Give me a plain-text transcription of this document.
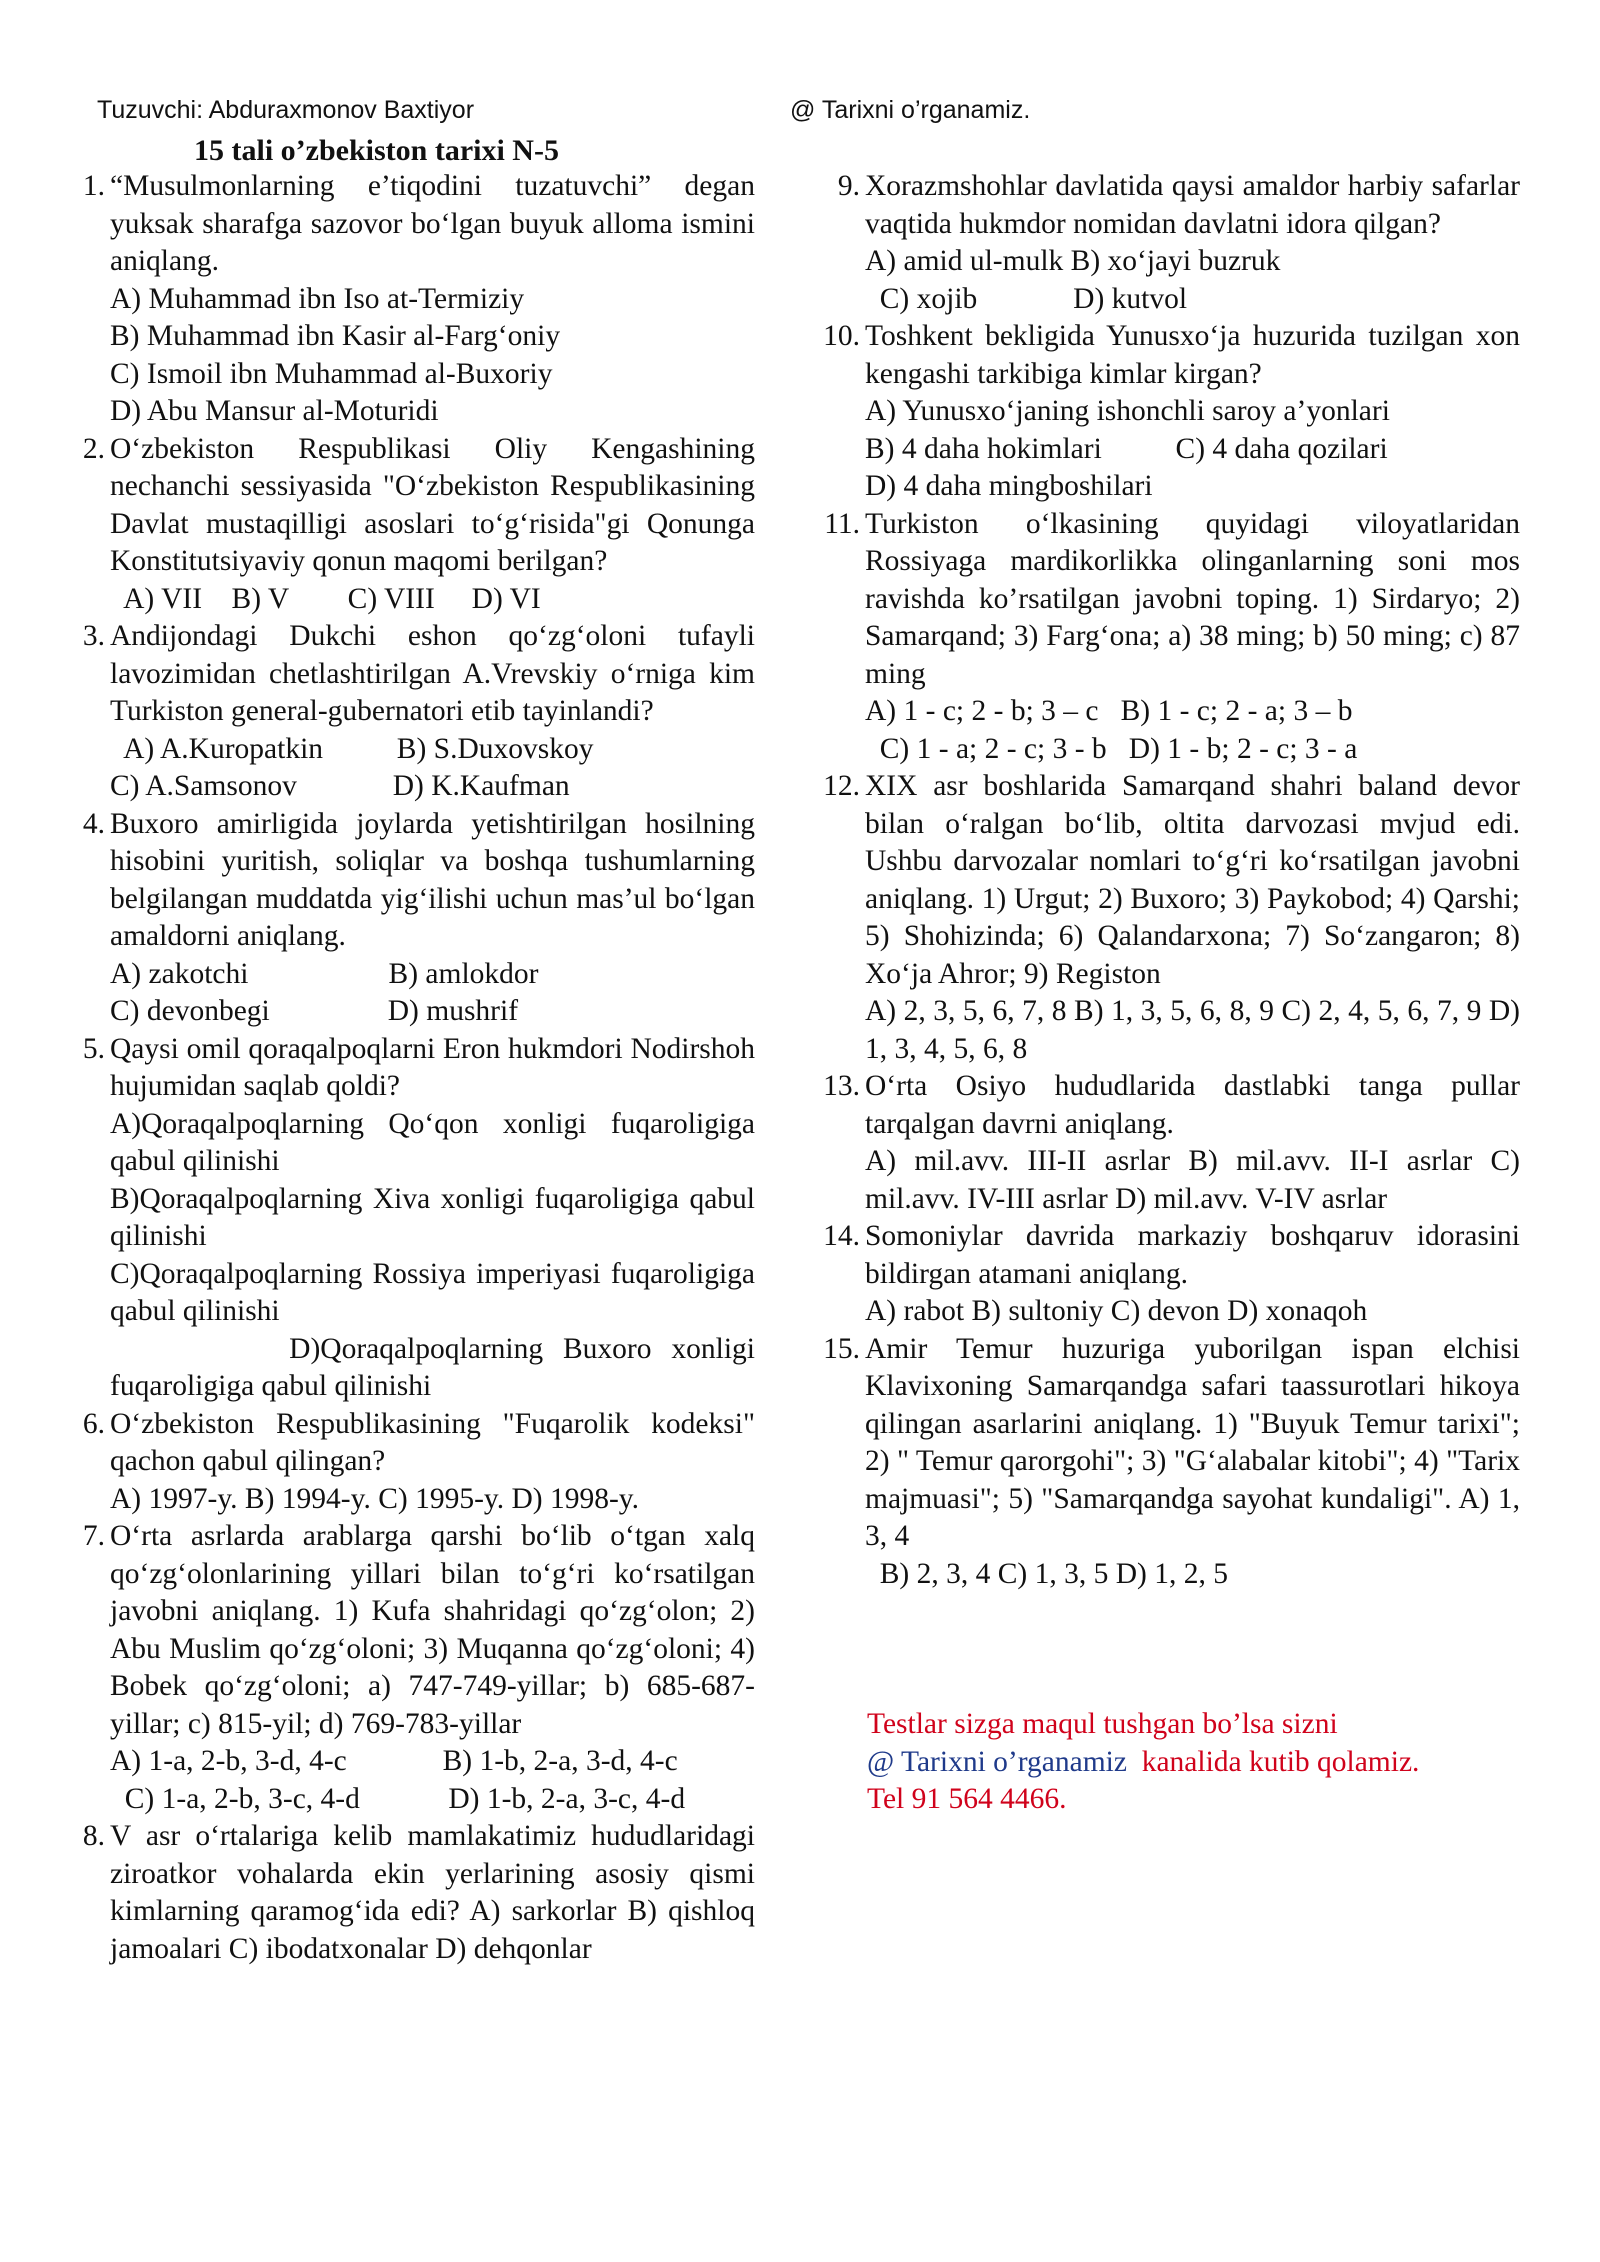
Tuzuvchi: Abduraxmonov Baxtiyor	@ Tarixni o’rganamiz.
15 tali o’zbekiston tarixi N-5
1. “Musulmonlarning e’tiqodini tuzatuvchi” degan yuksak sharafga sazovor bo‘lgan buyuk alloma ismini aniqlang.
A) Muhammad ibn Iso at-Termiziy
B) Muhammad ibn Kasir al-Farg‘oniy
C) Ismoil ibn Muhammad al-Buxoriy
D) Abu Mansur al-Moturidi
2. O‘zbekiston Respublikasi Oliy Kengashining nechanchi sessiyasida "O‘zbekiston Respublikasining Davlat mustaqilligi asoslari to‘g‘risida"gi Qonunga Konstitutsiyaviy qonun maqomi berilgan?
A) VII    B) V        C) VIII     D) VI
3. Andijondagi Dukchi eshon qo‘zg‘oloni tufayli lavozimidan chetlashtirilgan A.Vrevskiy o‘rniga kim Turkiston general-gubernatori etib tayinlandi?
A) A.Kuropatkin          B) S.Duxovskoy
C) A.Samsonov             D) K.Kaufman
4. Buxoro amirligida joylarda yetishtirilgan hosilning hisobini yuritish, soliqlar va boshqa tushumlarning belgilangan muddatda yig‘ilishi uchun mas’ul bo‘lgan amaldorni aniqlang.
A) zakotchi                   B) amlokdor
C) devonbegi                D) mushrif
5. Qaysi omil qoraqalpoqlarni Eron hukmdori Nodirshoh hujumidan saqlab qoldi?
A)Qoraqalpoqlarning Qo‘qon xonligi fuqaroligiga qabul qilinishi
B)Qoraqalpoqlarning Xiva xonligi fuqaroligiga qabul qilinishi
C)Qoraqalpoqlarning Rossiya imperiyasi fuqaroligiga qabul qilinishi
D)Qoraqalpoqlarning Buxoro xonligi fuqaroligiga qabul qilinishi
6. O‘zbekiston Respublikasining "Fuqarolik kodeksi" qachon qabul qilingan?
A) 1997-y. B) 1994-y. C) 1995-y. D) 1998-y.
7. O‘rta asrlarda arablarga qarshi bo‘lib o‘tgan xalq qo‘zg‘olonlarining yillari bilan to‘g‘ri ko‘rsatilgan javobni aniqlang. 1) Kufa shahridagi qo‘zg‘olon; 2) Abu Muslim qo‘zg‘oloni; 3) Muqanna qo‘zg‘oloni; 4) Bobek qo‘zg‘oloni; a) 747-749-yillar; b) 685-687-yillar; c) 815-yil; d) 769-783-yillar
A) 1-a, 2-b, 3-d, 4-c             B) 1-b, 2-a, 3-d, 4-c
C) 1-a, 2-b, 3-c, 4-d            D) 1-b, 2-a, 3-c, 4-d
8. V asr o‘rtalariga kelib mamlakatimiz hududlaridagi ziroatkor vohalarda ekin yerlarining asosiy qismi kimlarning qaramog‘ida edi? A) sarkorlar B) qishloq jamoalari C) ibodatxonalar D) dehqonlar
9. Xorazmshohlar davlatida qaysi amaldor harbiy safarlar vaqtida hukmdor nomidan davlatni idora qilgan?
A) amid ul-mulk B) xo‘jayi buzruk
C) xojib             D) kutvol
10. Toshkent bekligida Yunusxo‘ja huzurida tuzilgan xon kengashi tarkibiga kimlar kirgan?
A) Yunusxo‘janing ishonchli saroy a’yonlari
B) 4 daha hokimlari          C) 4 daha qozilari
D) 4 daha mingboshilari
11. Turkiston o‘lkasining quyidagi viloyatlaridan Rossiyaga mardikorlikka olinganlarning soni mos ravishda ko’rsatilgan javobni toping. 1) Sirdaryo; 2) Samarqand; 3) Farg‘ona; a) 38 ming; b) 50 ming; c) 87 ming
A) 1 - c; 2 - b; 3 – c   B) 1 - c; 2 - a; 3 – b
C) 1 - a; 2 - c; 3 - b   D) 1 - b; 2 - c; 3 - a
12. XIX asr boshlarida Samarqand shahri baland devor bilan o‘ralgan bo‘lib, oltita darvozasi mvjud edi. Ushbu darvozalar nomlari to‘g‘ri ko‘rsatilgan javobni aniqlang. 1) Urgut; 2) Buxoro; 3) Paykobod; 4) Qarshi; 5) Shohizinda; 6) Qalandarxona; 7) So‘zangaron; 8) Xo‘ja Ahror; 9) Registon
A) 2, 3, 5, 6, 7, 8 B) 1, 3, 5, 6, 8, 9 C) 2, 4, 5, 6, 7, 9 D) 1, 3, 4, 5, 6, 8
13. O‘rta Osiyo hududlarida dastlabki tanga pullar tarqalgan davrni aniqlang.
A) mil.avv. III-II asrlar B) mil.avv. II-I asrlar C) mil.avv. IV-III asrlar D) mil.avv. V-IV asrlar
14. Somoniylar davrida markaziy boshqaruv idorasini bildirgan atamani aniqlang.
A) rabot B) sultoniy C) devon D) xonaqoh
15. Amir Temur huzuriga yuborilgan ispan elchisi Klavixoning Samarqandga safari taassurotlari hikoya qilingan asarlarini aniqlang. 1) "Buyuk Temur tarixi"; 2) " Temur qarorgohi"; 3) "G‘alabalar kitobi"; 4) "Tarix majmuasi"; 5) "Samarqandga sayohat kundaligi". A) 1, 3, 4
B) 2, 3, 4 C) 1, 3, 5 D) 1, 2, 5
Testlar sizga maqul tushgan bo’lsa sizni
@ Tarixni o’rganamiz  kanalida kutib qolamiz.
Tel 91 564 4466.
